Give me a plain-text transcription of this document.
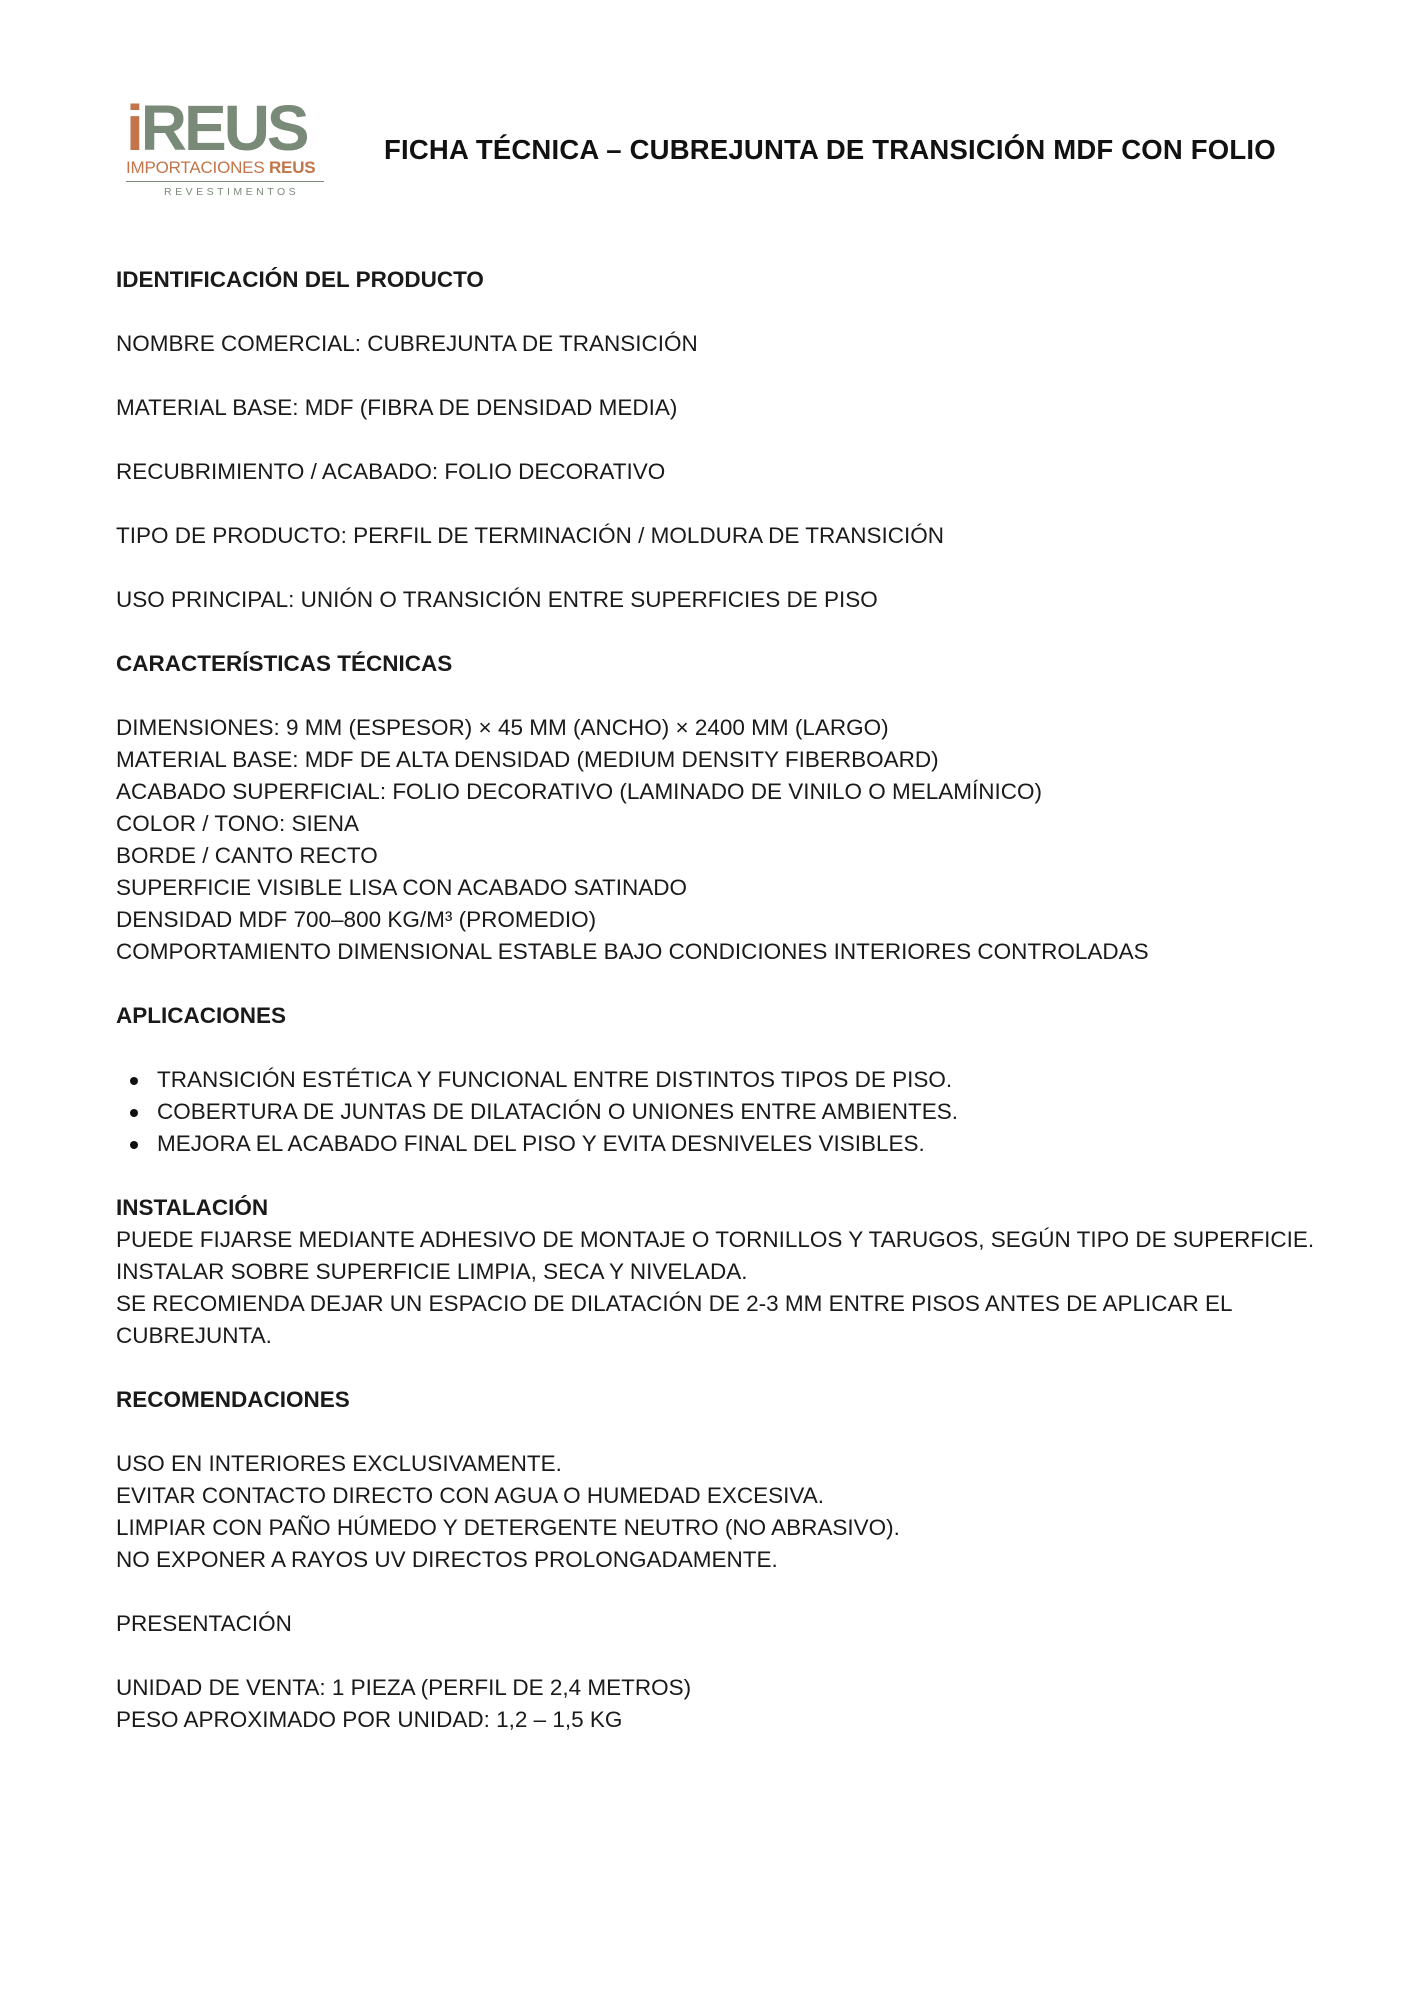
iREUS
IMPORTACIONES REUS
REVESTIMENTOS
FICHA TÉCNICA – CUBREJUNTA DE TRANSICIÓN MDF CON FOLIO
IDENTIFICACIÓN DEL PRODUCTO
NOMBRE COMERCIAL: CUBREJUNTA DE TRANSICIÓN
MATERIAL BASE: MDF (FIBRA DE DENSIDAD MEDIA)
RECUBRIMIENTO / ACABADO: FOLIO DECORATIVO
TIPO DE PRODUCTO: PERFIL DE TERMINACIÓN / MOLDURA DE TRANSICIÓN
USO PRINCIPAL: UNIÓN O TRANSICIÓN ENTRE SUPERFICIES DE PISO
CARACTERÍSTICAS TÉCNICAS
DIMENSIONES: 9 MM (ESPESOR) × 45 MM (ANCHO) × 2400 MM (LARGO)
MATERIAL BASE: MDF DE ALTA DENSIDAD (MEDIUM DENSITY FIBERBOARD)
ACABADO SUPERFICIAL: FOLIO DECORATIVO (LAMINADO DE VINILO O MELAMÍNICO)
COLOR / TONO: SIENA
BORDE / CANTO RECTO
SUPERFICIE VISIBLE LISA CON ACABADO SATINADO
DENSIDAD MDF 700–800 KG/M³ (PROMEDIO)
COMPORTAMIENTO DIMENSIONAL ESTABLE BAJO CONDICIONES INTERIORES CONTROLADAS
APLICACIONES
TRANSICIÓN ESTÉTICA Y FUNCIONAL ENTRE DISTINTOS TIPOS DE PISO.
COBERTURA DE JUNTAS DE DILATACIÓN O UNIONES ENTRE AMBIENTES.
MEJORA EL ACABADO FINAL DEL PISO Y EVITA DESNIVELES VISIBLES.
INSTALACIÓN
PUEDE FIJARSE MEDIANTE ADHESIVO DE MONTAJE O TORNILLOS Y TARUGOS, SEGÚN TIPO DE SUPERFICIE.
INSTALAR SOBRE SUPERFICIE LIMPIA, SECA Y NIVELADA.
SE RECOMIENDA DEJAR UN ESPACIO DE DILATACIÓN DE 2-3 MM ENTRE PISOS ANTES DE APLICAR EL
CUBREJUNTA.
RECOMENDACIONES
USO EN INTERIORES EXCLUSIVAMENTE.
EVITAR CONTACTO DIRECTO CON AGUA O HUMEDAD EXCESIVA.
LIMPIAR CON PAÑO HÚMEDO Y DETERGENTE NEUTRO (NO ABRASIVO).
NO EXPONER A RAYOS UV DIRECTOS PROLONGADAMENTE.
PRESENTACIÓN
UNIDAD DE VENTA: 1 PIEZA (PERFIL DE 2,4 METROS)
PESO APROXIMADO POR UNIDAD: 1,2 – 1,5 KG
